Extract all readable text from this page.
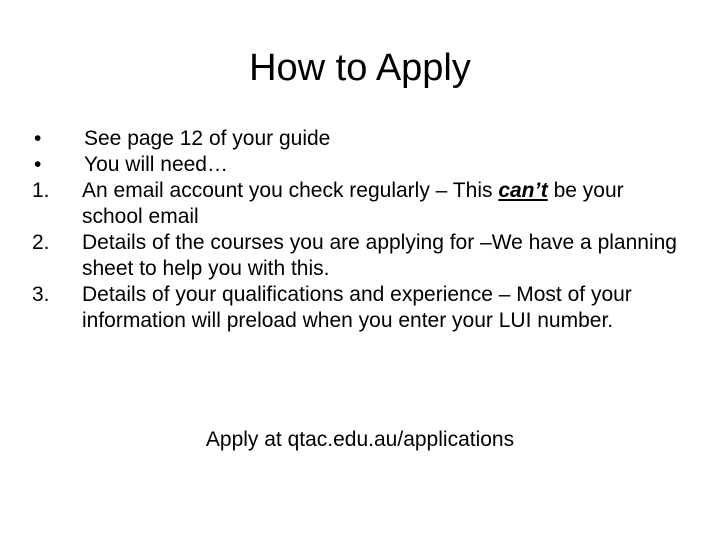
How to Apply
•	See page 12 of your guide
•	You will need…
1.	An email account you check regularly – This can’t be your school email
2.	Details of the courses you are applying for –We have a planning sheet to help you with this.
3.	Details of your qualifications and experience – Most of your information will preload when you enter your LUI number.
Apply at qtac.edu.au/applications
